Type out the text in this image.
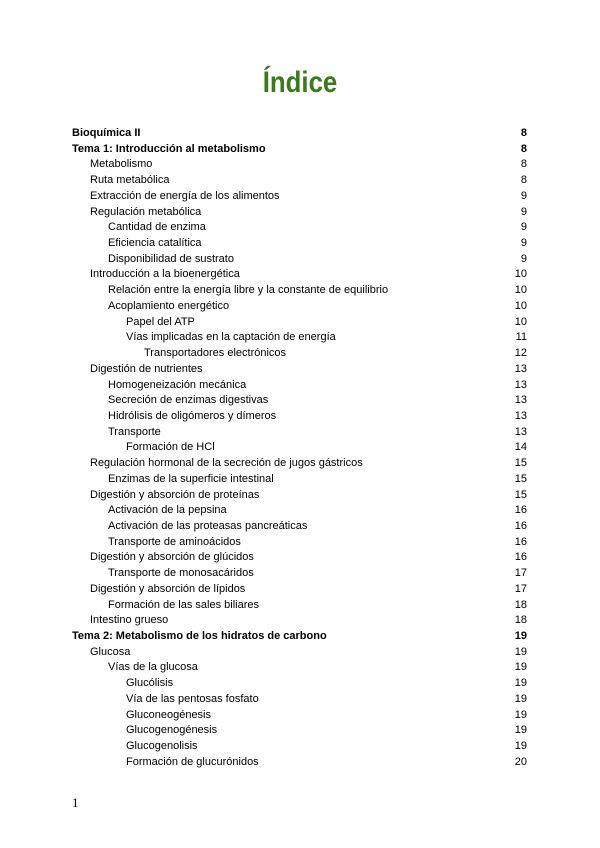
Índice
Bioquímica II	8
Tema 1: Introducción al metabolismo	8
Metabolismo	8
Ruta metabólica	8
Extracción de energía de los alimentos	9
Regulación metabólica	9
Cantidad de enzima	9
Eficiencia catalítica	9
Disponibilidad de sustrato	9
Introducción a la bioenergética	10
Relación entre la energía libre y la constante de equilibrio	10
Acoplamiento energético	10
Papel del ATP	10
Vías implicadas en la captación de energía	11
Transportadores electrónicos	12
Digestión de nutrientes	13
Homogeneización mecánica	13
Secreción de enzimas digestivas	13
Hidrólisis de oligómeros y dímeros	13
Transporte	13
Formación de HCl	14
Regulación hormonal de la secreción de jugos gástricos	15
Enzimas de la superficie intestinal	15
Digestión y absorción de proteínas	15
Activación de la pepsina	16
Activación de las proteasas pancreáticas	16
Transporte de aminoácidos	16
Digestión y absorción de glúcidos	16
Transporte de monosacáridos	17
Digestión y absorción de lípidos	17
Formación de las sales biliares	18
Intestino grueso	18
Tema 2: Metabolismo de los hidratos de carbono	19
Glucosa	19
Vías de la glucosa	19
Glucólisis	19
Vía de las pentosas fosfato	19
Gluconeogénesis	19
Glucogenogénesis	19
Glucogenolisis	19
Formación de glucurónidos	20
1
